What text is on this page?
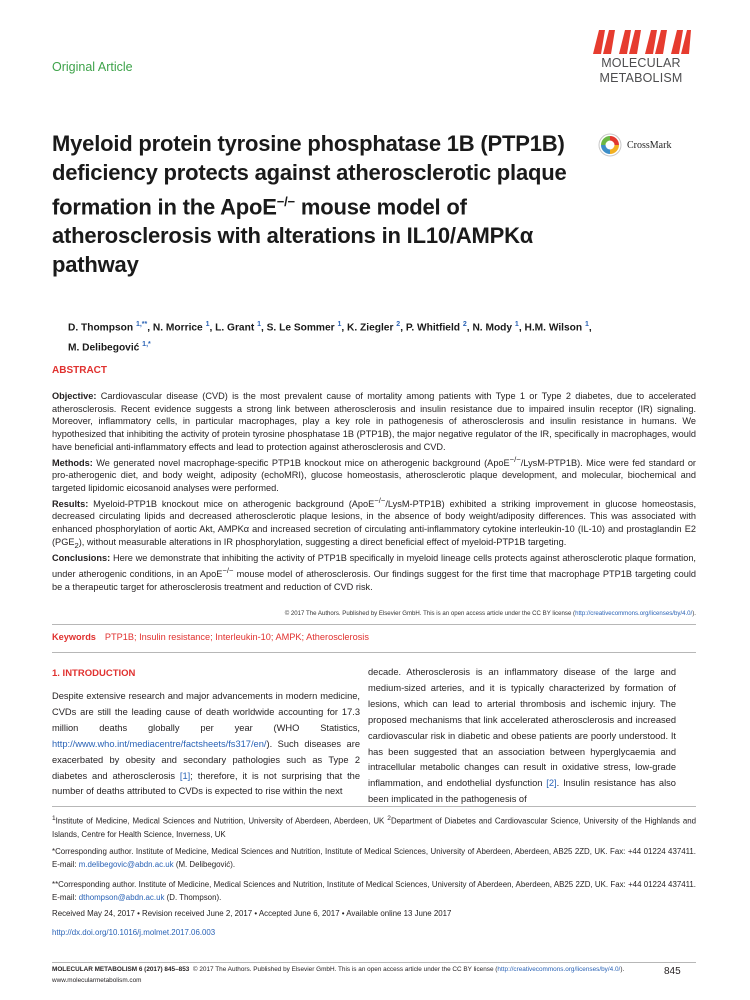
Original Article	MOLECULAR
METABOLISM
CrossMark
Myeloid protein tyrosine phosphatase 1B (PTP1B) deficiency protects against atherosclerotic plaque formation in the ApoE−/− mouse model of atherosclerosis with alterations in IL10/AMPKα pathway
D. Thompson $^{1,**}$, N. Morrice $^1$, L. Grant $^1$, S. Le Sommer $^1$, K. Ziegler $^2$, P. Whitfield $^2$, N. Mody $^1$, H.M. Wilson $^1$,
M. Delibegović $^{1,*}$
ABSTRACT

Objective: Cardiovascular disease (CVD) is the most prevalent cause of mortality among patients with Type 1 or Type 2 diabetes, due to accelerated atherosclerosis. Recent evidence suggests a strong link between atherosclerosis and insulin resistance due to impaired insulin receptor (IR) signaling. Moreover, inflammatory cells, in particular macrophages, play a key role in pathogenesis of atherosclerosis and insulin resistance in humans. We hypothesized that inhibiting the activity of protein tyrosine phosphatase 1B (PTP1B), the major negative regulator of the IR, specifically in macrophages, would have beneficial anti-inflammatory effects and lead to protection against atherosclerosis and CVD.

Methods: We generated novel macrophage-specific PTP1B knockout mice on atherogenic background (ApoE−/−/LysM-PTP1B). Mice were fed standard or pro-atherogenic diet, and body weight, adiposity (echoMRI), glucose homeostasis, atherosclerotic plaque development, and molecular, biochemical and targeted lipidomic eicosanoid analyses were performed.

Results: Myeloid-PTP1B knockout mice on atherogenic background (ApoE−/−/LysM-PTP1B) exhibited a striking improvement in glucose homeostasis, decreased circulating lipids and decreased atherosclerotic plaque lesions, in the absence of body weight/adiposity differences. This was associated with enhanced phosphorylation of aortic Akt, AMPKα and increased secretion of circulating anti-inflammatory cytokine interleukin-10 (IL-10) and prostaglandin E2 $(PGE_2)$, without measurable alterations in IR phosphorylation, suggesting a direct beneficial effect of myeloid-PTP1B targeting.

Conclusions: Here we demonstrate that inhibiting the activity of PTP1B specifically in myeloid lineage cells protects against atherosclerotic plaque formation, under atherogenic conditions, in an ApoE−/− mouse model of atherosclerosis. Our findings suggest for the first time that macrophage PTP1B targeting could be a therapeutic target for atherosclerosis treatment and reduction of CVD risk.

© 2017 The Authors. Published by Elsevier GmbH. This is an open access article under the CC BY license (http://creativecommons.org/licenses/by/4.0/).
Keywords PTP1B; Insulin resistance; Interleukin-10; AMPK; Atherosclerosis
1. INTRODUCTION

Despite extensive research and major advancements in modern medicine, CVDs are still the leading cause of death worldwide accounting for 17.3 million deaths globally per year (WHO Statistics, http://www.who.int/mediacentre/factsheets/fs317/en/). Such diseases are exacerbated by obesity and secondary pathologies such as Type 2 diabetes and atherosclerosis [1]; therefore, it is not surprising that the number of deaths attributed to CVDs is expected to rise within the next

decade. Atherosclerosis is an inflammatory disease of the large and medium-sized arteries, and it is typically characterized by formation of lesions, which can lead to arterial thrombosis and ischemic injury. The proposed mechanisms that link accelerated atherosclerosis and increased cardiovascular risk in diabetic and obese patients are poorly understood. It has been suggested that an association between hyperglycaemia and intracellular metabolic changes can result in oxidative stress, low-grade inflammation, and endothelial dysfunction [2]. Insulin resistance has also been implicated in the pathogenesis of

$^1$Institute of Medicine, Medical Sciences and Nutrition, University of Aberdeen, Aberdeen, UK $^2$Department of Diabetes and Cardiovascular Science, University of the Highlands and Islands, Centre for Health Science, Inverness, UK

*Corresponding author. Institute of Medicine, Medical Sciences and Nutrition, Institute of Medical Sciences, University of Aberdeen, Aberdeen, AB25 2ZD, UK. Fax: +44 01224 437411. E-mail: m.delibegovic@abdn.ac.uk (M. Delibegović).

**Corresponding author. Institute of Medicine, Medical Sciences and Nutrition, Institute of Medical Sciences, University of Aberdeen, Aberdeen, AB25 2ZD, UK. Fax: +44 01224 437411. E-mail: dthompson@abdn.ac.uk (D. Thompson).

Received May 24, 2017 • Revision received June 2, 2017 • Accepted June 6, 2017 • Available online 13 June 2017
http://dx.doi.org/10.1016/j.molmet.2017.06.003
MOLECULAR METABOLISM 6 (2017) 845–853 © 2017 The Authors. Published by Elsevier GmbH. This is an open access article under the CC BY license (http://creativecommons.org/licenses/by/4.0/).
www.molecularmetabolism.com
845
